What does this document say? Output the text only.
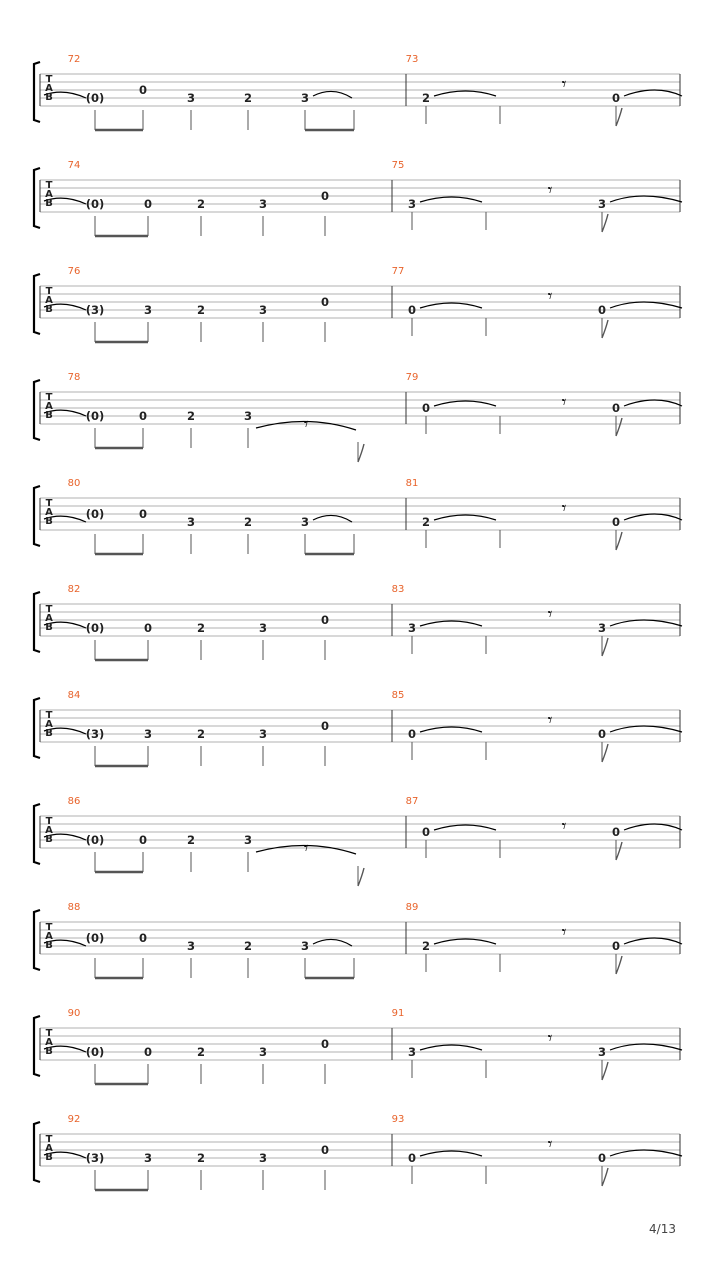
T
A
B
72
(0)
0
3	2	3
73
2	0
𝄾
T
A
B
74
(0)	0	2	3
0
75
3	3
𝄾
T
A
B
76
(3)	3	2	3
0
77
0	0
𝄾
T
A
B
78
(0)	0	2	3	𝄾
79
0	0
𝄾
T
A
B
80
(0)	0
3	2	3
81
2	0
𝄾
T
A
B
82
(0)	0	2	3
0
83
3	3
𝄾
T
A
B
84
(3)	3	2	3
0
85
0	0
𝄾
T
A
B
86
(0)	0	2	3	𝄾
87
0	0
𝄾
T
A
B
88
(0)	0
3	2	3
89
2	0
𝄾
T
A
B
90
(0)	0	2	3
0
91
3	3
𝄾
T
A
B
92
(3)	3	2	3
0
93
0	0
𝄾
4/13
